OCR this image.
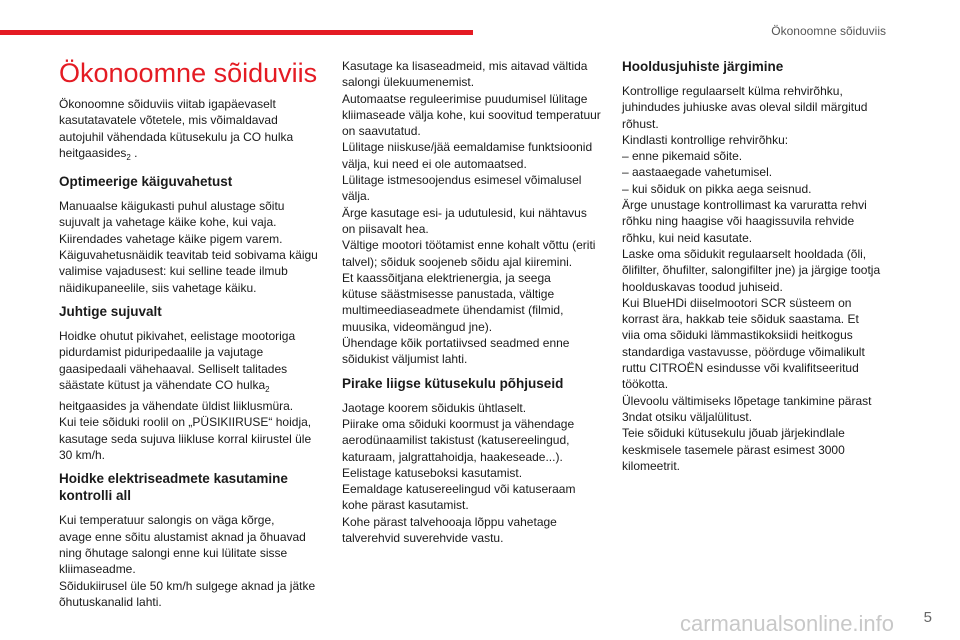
Ökonoomne sõiduviis
Ökonoomne sõiduviis

Ökonoomne sõiduviis viitab igapäevaselt
kasutatavatele võtetele, mis võimaldavad
autojuhil vähendada kütusekulu ja CO hulka
heitgaasides$_2$ .

Optimeerige käiguvahetust

Manuaalse käigukasti puhul alustage sõitu
sujuvalt ja vahetage käike kohe, kui vaja.
Kiirendades vahetage käike pigem varem.
Käiguvahetusnäidik teavitab teid sobivama käigu
valimise vajadusest: kui selline teade ilmub
näidikupaneelile, siis vahetage käiku.

Juhtige sujuvalt

Hoidke ohutut pikivahet, eelistage mootoriga
pidurdamist piduripedaalile ja vajutage
gaasipedaali vähehaaval. Selliselt talitades
säästate kütust ja vähendate CO hulka$_2$
heitgaasides ja vähendate üldist liiklusmüra.
Kui teie sõiduki roolil on „PÜSIKIIRUSE“ hoidja,
kasutage seda sujuva liikluse korral kiirustel üle
30 km/h.

Hoidke elektriseadmete kasutamine
kontrolli all

Kui temperatuur salongis on väga kõrge,
avage enne sõitu alustamist aknad ja õhuavad
ning õhutage salongi enne kui lülitate sisse
kliimaseadme.
Sõidukiirusel üle 50 km/h sulgege aknad ja jätke
õhutuskanalid lahti.

Kasutage ka lisaseadmeid, mis aitavad vältida
salongi ülekuumenemist.
Automaatse reguleerimise puudumisel lülitage
kliimaseade välja kohe, kui soovitud temperatuur
on saavutatud.
Lülitage niiskuse/jää eemaldamise funktsioonid
välja, kui need ei ole automaatsed.
Lülitage istmesoojendus esimesel võimalusel
välja.
Ärge kasutage esi- ja udutulesid, kui nähtavus
on piisavalt hea.
Vältige mootori töötamist enne kohalt võttu (eriti
talvel); sõiduk soojeneb sõidu ajal kiiremini.
Et kaassõitjana elektrienergia, ja seega
kütuse säästmisesse panustada, vältige
multimeediaseadmete ühendamist (filmid,
muusika, videomängud jne).
Ühendage kõik portatiivsed seadmed enne
sõidukist väljumist lahti.

Pirake liigse kütusekulu põhjuseid

Jaotage koorem sõidukis ühtlaselt.
Piirake oma sõiduki koormust ja vähendage
aerodünaamilist takistust (katusereelingud,
katuraam, jalgrattahoidja, haakeseade...).
Eelistage katuseboksi kasutamist.
Eemaldage katusereelingud või katuseraam
kohe pärast kasutamist.
Kohe pärast talvehooaja lõppu vahetage
talverehvid suverehvide vastu.

Hooldusjuhiste järgimine

Kontrollige regulaarselt külma rehvirõhku,
juhindudes juhiuske avas oleval sildil märgitud
rõhust.
Kindlasti kontrollige rehvirõhku:
– enne pikemaid sõite.
– aastaaegade vahetumisel.
– kui sõiduk on pikka aega seisnud.
Ärge unustage kontrollimast ka varuratta rehvi
rõhku ning haagise või haagissuvila rehvide
rõhku, kui neid kasutate.
Laske oma sõidukit regulaarselt hooldada (õli,
õlifilter, õhufilter, salongifilter jne) ja järgige tootja
hoolduskavas toodud juhiseid.
Kui BlueHDi diiselmootori SCR süsteem on
korrast ära, hakkab teie sõiduk saastama. Et
viia oma sõiduki lämmastikoksiidi heitkogus
standardiga vastavusse, pöörduge võimalikult
ruttu CITROËN esindusse või kvalifitseeritud
töökotta.
Ülevoolu vältimiseks lõpetage tankimine pärast
3ndat otsiku väljalülitust.
Teie sõiduki kütusekulu jõuab järjekindlale
keskmisele tasemele pärast esimest 3000
kilomeetrit.

5
carmanualsonline.info
